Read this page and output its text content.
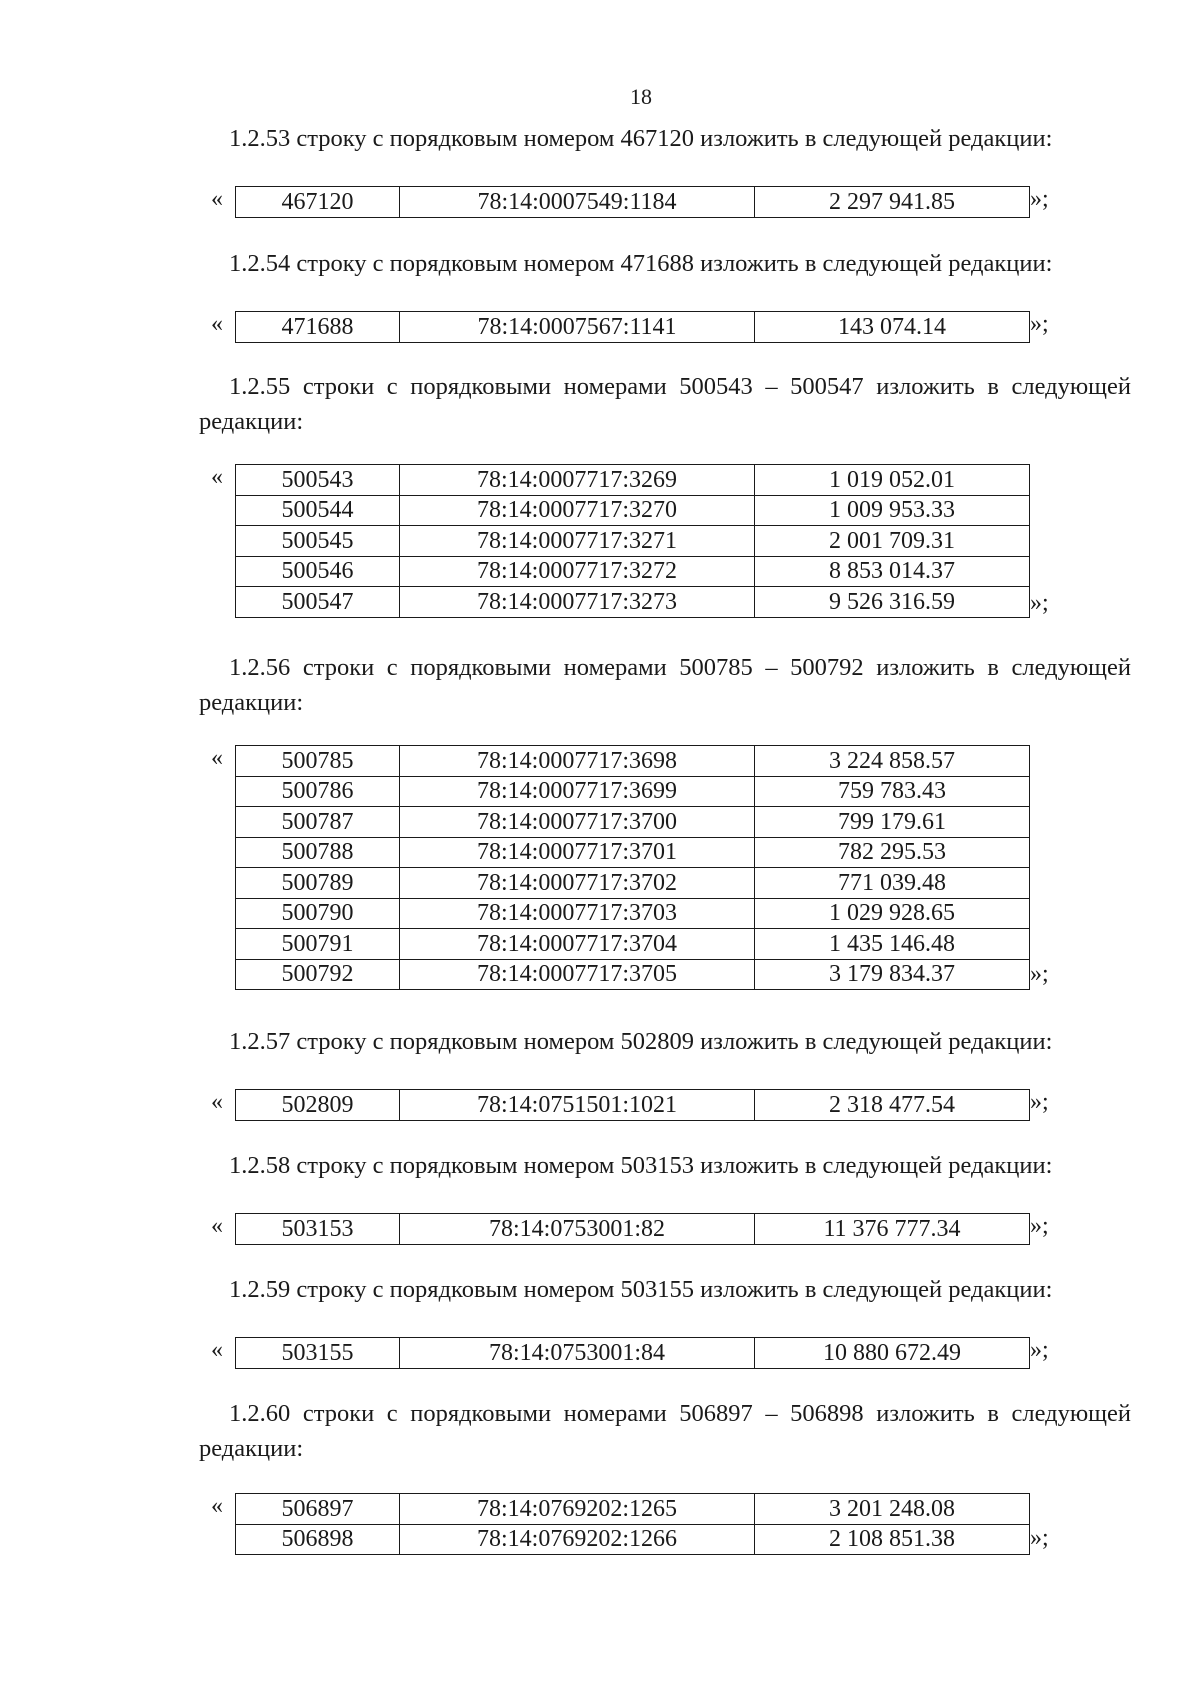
18
1.2.53 строку с порядковым номером 467120 изложить в следующей редакции:
« 467120	78:14:0007549:1184	2 297 941.85	»;
1.2.54 строку с порядковым номером 471688 изложить в следующей редакции:
« 471688	78:14:0007567:1141	143 074.14	»;
1.2.55 строки с порядковыми номерами 500543 – 500547 изложить в следующей редакции:
« 500543	78:14:0007717:3269	1 019 052.01
500544	78:14:0007717:3270	1 009 953.33
500545	78:14:0007717:3271	2 001 709.31
500546	78:14:0007717:3272	8 853 014.37
500547	78:14:0007717:3273	9 526 316.59	»;
1.2.56 строки с порядковыми номерами 500785 – 500792 изложить в следующей редакции:
« 500785	78:14:0007717:3698	3 224 858.57
500786	78:14:0007717:3699	759 783.43
500787	78:14:0007717:3700	799 179.61
500788	78:14:0007717:3701	782 295.53
500789	78:14:0007717:3702	771 039.48
500790	78:14:0007717:3703	1 029 928.65
500791	78:14:0007717:3704	1 435 146.48
500792	78:14:0007717:3705	3 179 834.37	»;
1.2.57 строку с порядковым номером 502809 изложить в следующей редакции:
« 502809	78:14:0751501:1021	2 318 477.54	»;
1.2.58 строку с порядковым номером 503153 изложить в следующей редакции:
« 503153	78:14:0753001:82	11 376 777.34	»;
1.2.59 строку с порядковым номером 503155 изложить в следующей редакции:
« 503155	78:14:0753001:84	10 880 672.49	»;
1.2.60 строки с порядковыми номерами 506897 – 506898 изложить в следующей редакции:
« 506897	78:14:0769202:1265	3 201 248.08
506898	78:14:0769202:1266	2 108 851.38	»;
